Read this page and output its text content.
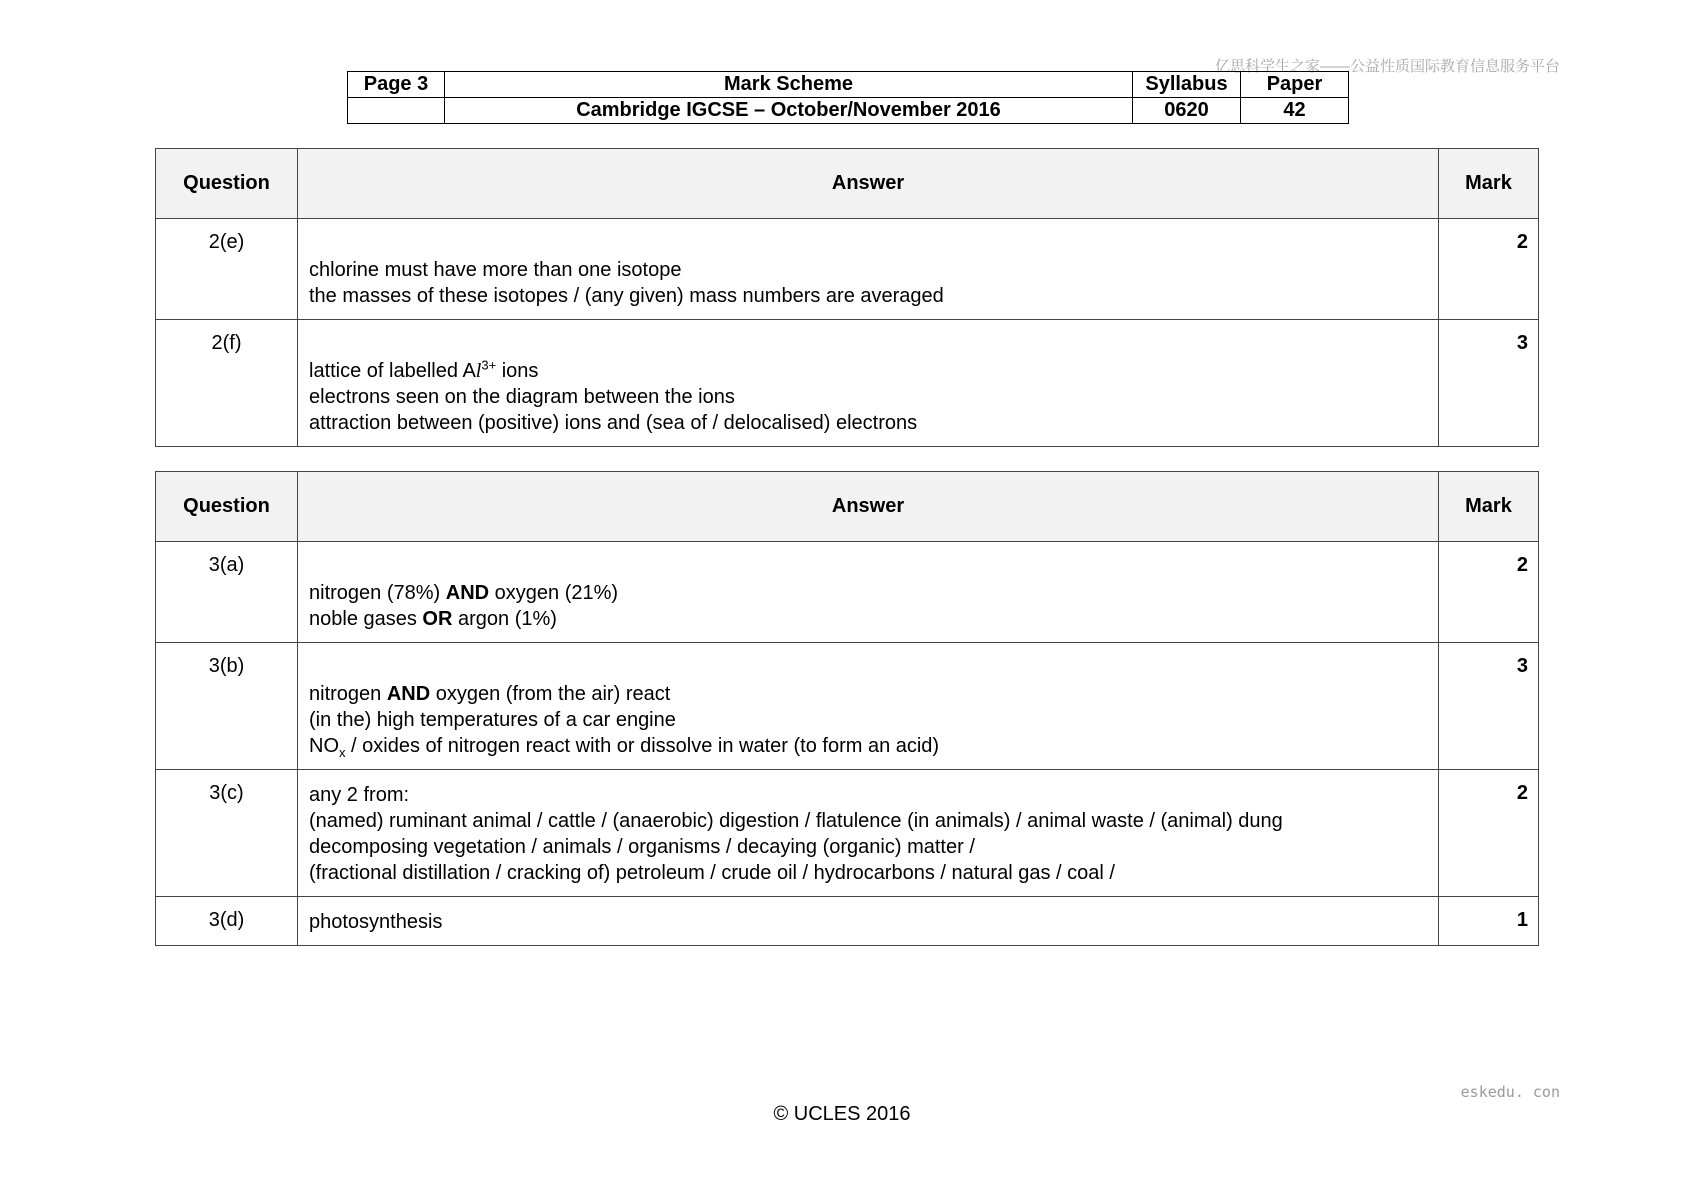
亿思科学生之家——公益性质国际教育信息服务平台
Page 3	Mark Scheme	Syllabus	Paper
	Cambridge IGCSE – October/November 2016	0620	42
Question	Answer	Mark
2(e)	chlorine must have more than one isotope
the masses of these isotopes / (any given) mass numbers are averaged	2
2(f)	lattice of labelled $Al^{3+}$ ions
electrons seen on the diagram between the ions
attraction between (positive) ions and (sea of / delocalised) electrons	3
Question	Answer	Mark
3(a)	nitrogen (78%) AND oxygen (21%)
noble gases OR argon (1%)	2
3(b)	nitrogen AND oxygen (from the air) react
(in the) high temperatures of a car engine
$NO_x$ / oxides of nitrogen react with or dissolve in water (to form an acid)	3
3(c)	any 2 from:
(named) ruminant animal / cattle / (anaerobic) digestion / flatulence (in animals) / animal waste / (animal) dung
decomposing vegetation / animals / organisms / decaying (organic) matter /
(fractional distillation / cracking of) petroleum / crude oil / hydrocarbons / natural gas / coal /	2
3(d)	photosynthesis	1
eskedu. con
© UCLES 2016
